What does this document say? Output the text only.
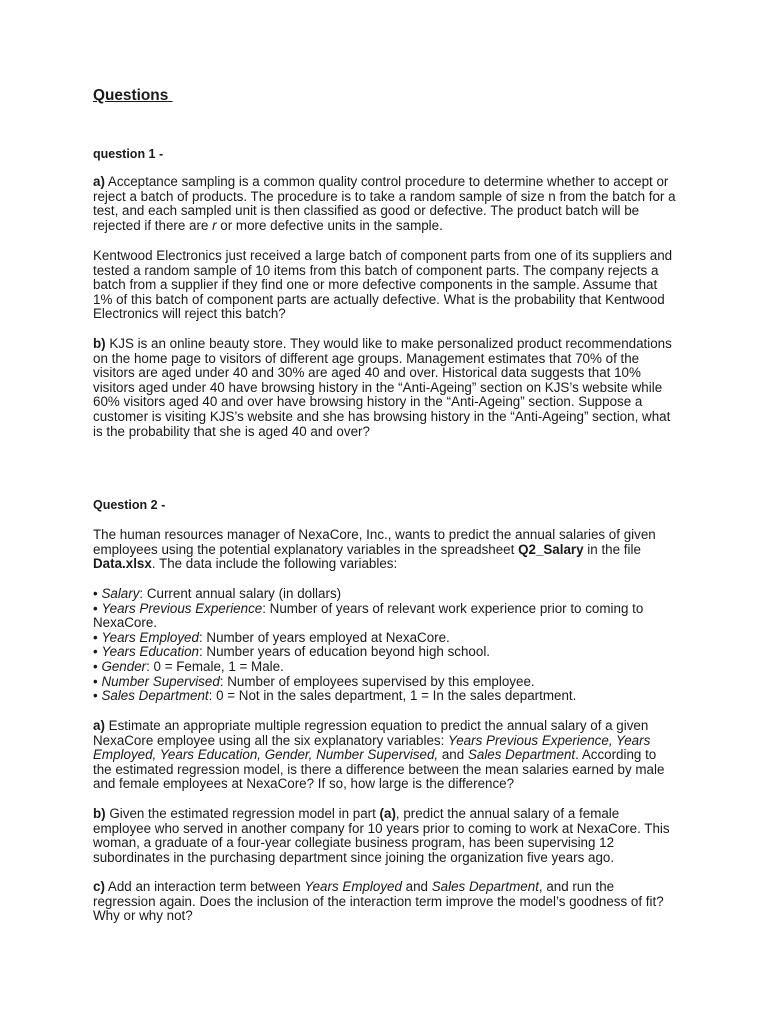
Questions
question 1 -

a) Acceptance sampling is a common quality control procedure to determine whether to accept or reject a batch of products. The procedure is to take a random sample of size n from the batch for a test, and each sampled unit is then classified as good or defective. The product batch will be rejected if there are r or more defective units in the sample.

Kentwood Electronics just received a large batch of component parts from one of its suppliers and tested a random sample of 10 items from this batch of component parts. The company rejects a batch from a supplier if they find one or more defective components in the sample. Assume that 1% of this batch of component parts are actually defective. What is the probability that Kentwood Electronics will reject this batch?

b) KJS is an online beauty store. They would like to make personalized product recommendations on the home page to visitors of different age groups. Management estimates that 70% of the visitors are aged under 40 and 30% are aged 40 and over. Historical data suggests that 10% visitors aged under 40 have browsing history in the “Anti-Ageing” section on KJS’s website while 60% visitors aged 40 and over have browsing history in the “Anti-Ageing” section. Suppose a customer is visiting KJS’s website and she has browsing history in the “Anti-Ageing” section, what is the probability that she is aged 40 and over?

Question 2 -

The human resources manager of NexaCore, Inc., wants to predict the annual salaries of given employees using the potential explanatory variables in the spreadsheet Q2_Salary in the file Data.xlsx. The data include the following variables:

• Salary: Current annual salary (in dollars)
• Years Previous Experience: Number of years of relevant work experience prior to coming to NexaCore.
• Years Employed: Number of years employed at NexaCore.
• Years Education: Number years of education beyond high school.
• Gender: 0 = Female, 1 = Male.
• Number Supervised: Number of employees supervised by this employee.
• Sales Department: 0 = Not in the sales department, 1 = In the sales department.

a) Estimate an appropriate multiple regression equation to predict the annual salary of a given NexaCore employee using all the six explanatory variables: Years Previous Experience, Years Employed, Years Education, Gender, Number Supervised, and Sales Department. According to the estimated regression model, is there a difference between the mean salaries earned by male and female employees at NexaCore? If so, how large is the difference?

b) Given the estimated regression model in part (a), predict the annual salary of a female employee who served in another company for 10 years prior to coming to work at NexaCore. This woman, a graduate of a four-year collegiate business program, has been supervising 12 subordinates in the purchasing department since joining the organization five years ago.

c) Add an interaction term between Years Employed and Sales Department, and run the regression again. Does the inclusion of the interaction term improve the model’s goodness of fit? Why or why not?
